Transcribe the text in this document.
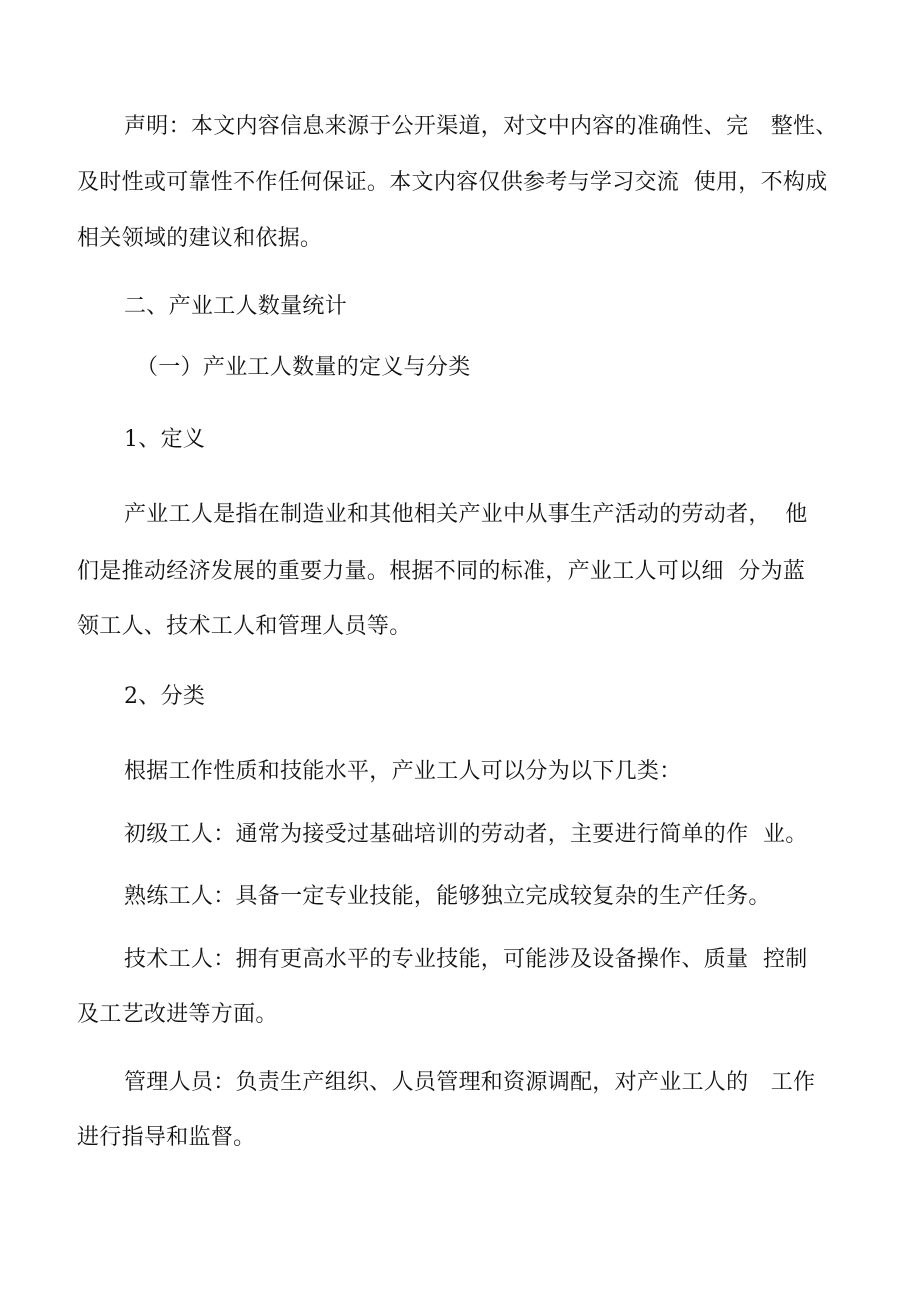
声明：本文内容信息来源于公开渠道，对文中内容的准确性、完　整性、
及时性或可靠性不作任何保证。本文内容仅供参考与学习交流  使用，不构成
相关领域的建议和依据。
二、产业工人数量统计
（一）产业工人数量的定义与分类
1、定义
产业工人是指在制造业和其他相关产业中从事生产活动的劳动者，  他
们是推动经济发展的重要力量。根据不同的标准，产业工人可以细  分为蓝
领工人、技术工人和管理人员等。
2、分类
根据工作性质和技能水平，产业工人可以分为以下几类：
初级工人：通常为接受过基础培训的劳动者，主要进行简单的作  业。
熟练工人：具备一定专业技能，能够独立完成较复杂的生产任务。
技术工人：拥有更高水平的专业技能，可能涉及设备操作、质量  控制
及工艺改进等方面。
管理人员：负责生产组织、人员管理和资源调配，对产业工人的　工作
进行指导和监督。
